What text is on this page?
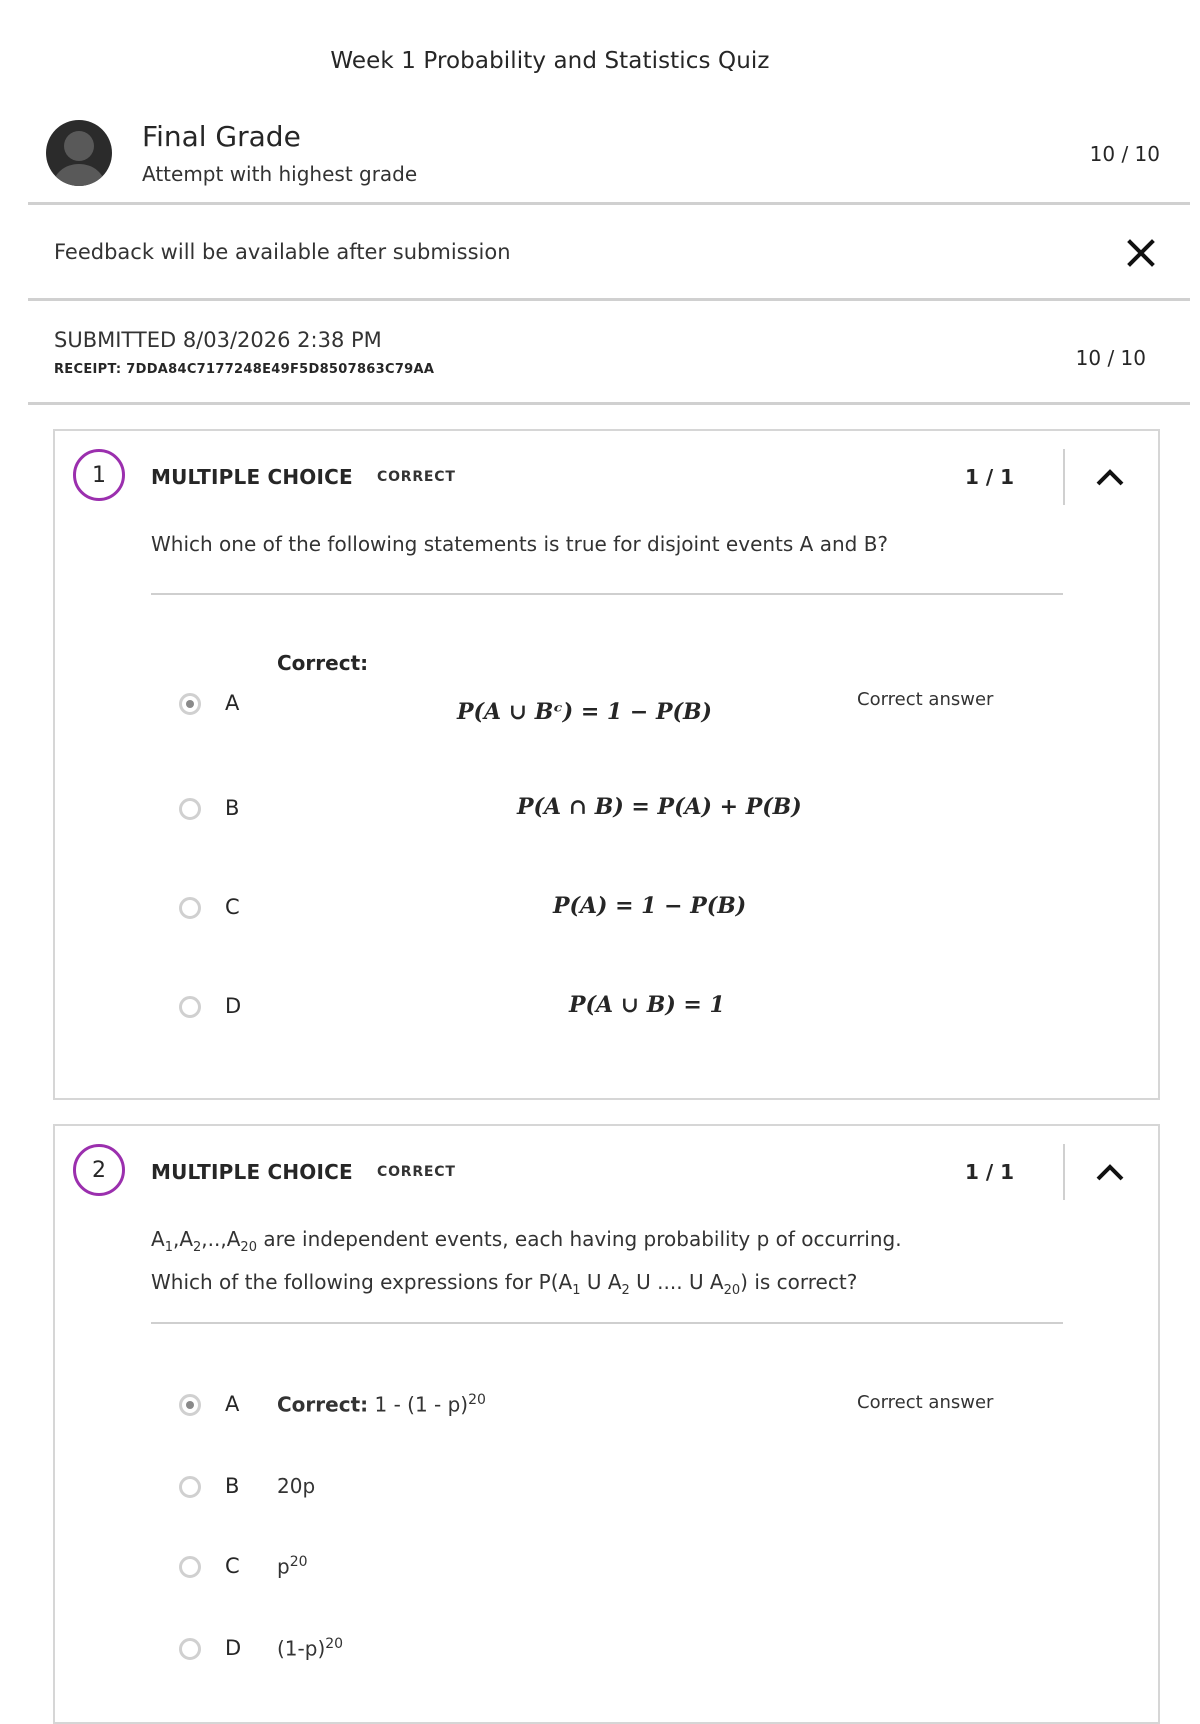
Week 1 Probability and Statistics Quiz
Final Grade
Attempt with highest grade
10 / 10
Feedback will be available after submission
SUBMITTED 8/03/2026 2:38 PM
RECEIPT: 7DDA84C7177248E49F5D8507863C79AA	10 / 10
1	MULTIPLE CHOICE CORRECT	1 / 1
Which one of the following statements is true for disjoint events A and B?
A
Correct:
P(A ∪ Bᶜ) = 1 − P(B)	Correct answer
B	P(A ∩ B) = P(A) + P(B)
C	P(A) = 1 − P(B)
D	P(A ∪ B) = 1
2	MULTIPLE CHOICE CORRECT	1 / 1
$A_1,A_2,..,A_{20}$ are independent events, each having probability p of occurring.
Which of the following expressions for $P(A_1$ U $A_2$ U .... U $A_{20}$) is correct?
A Correct: 1 - (1 - p)$^{20}$	Correct answer
B 20p
C $p^{20}$
D $(1-p)^{20}$
